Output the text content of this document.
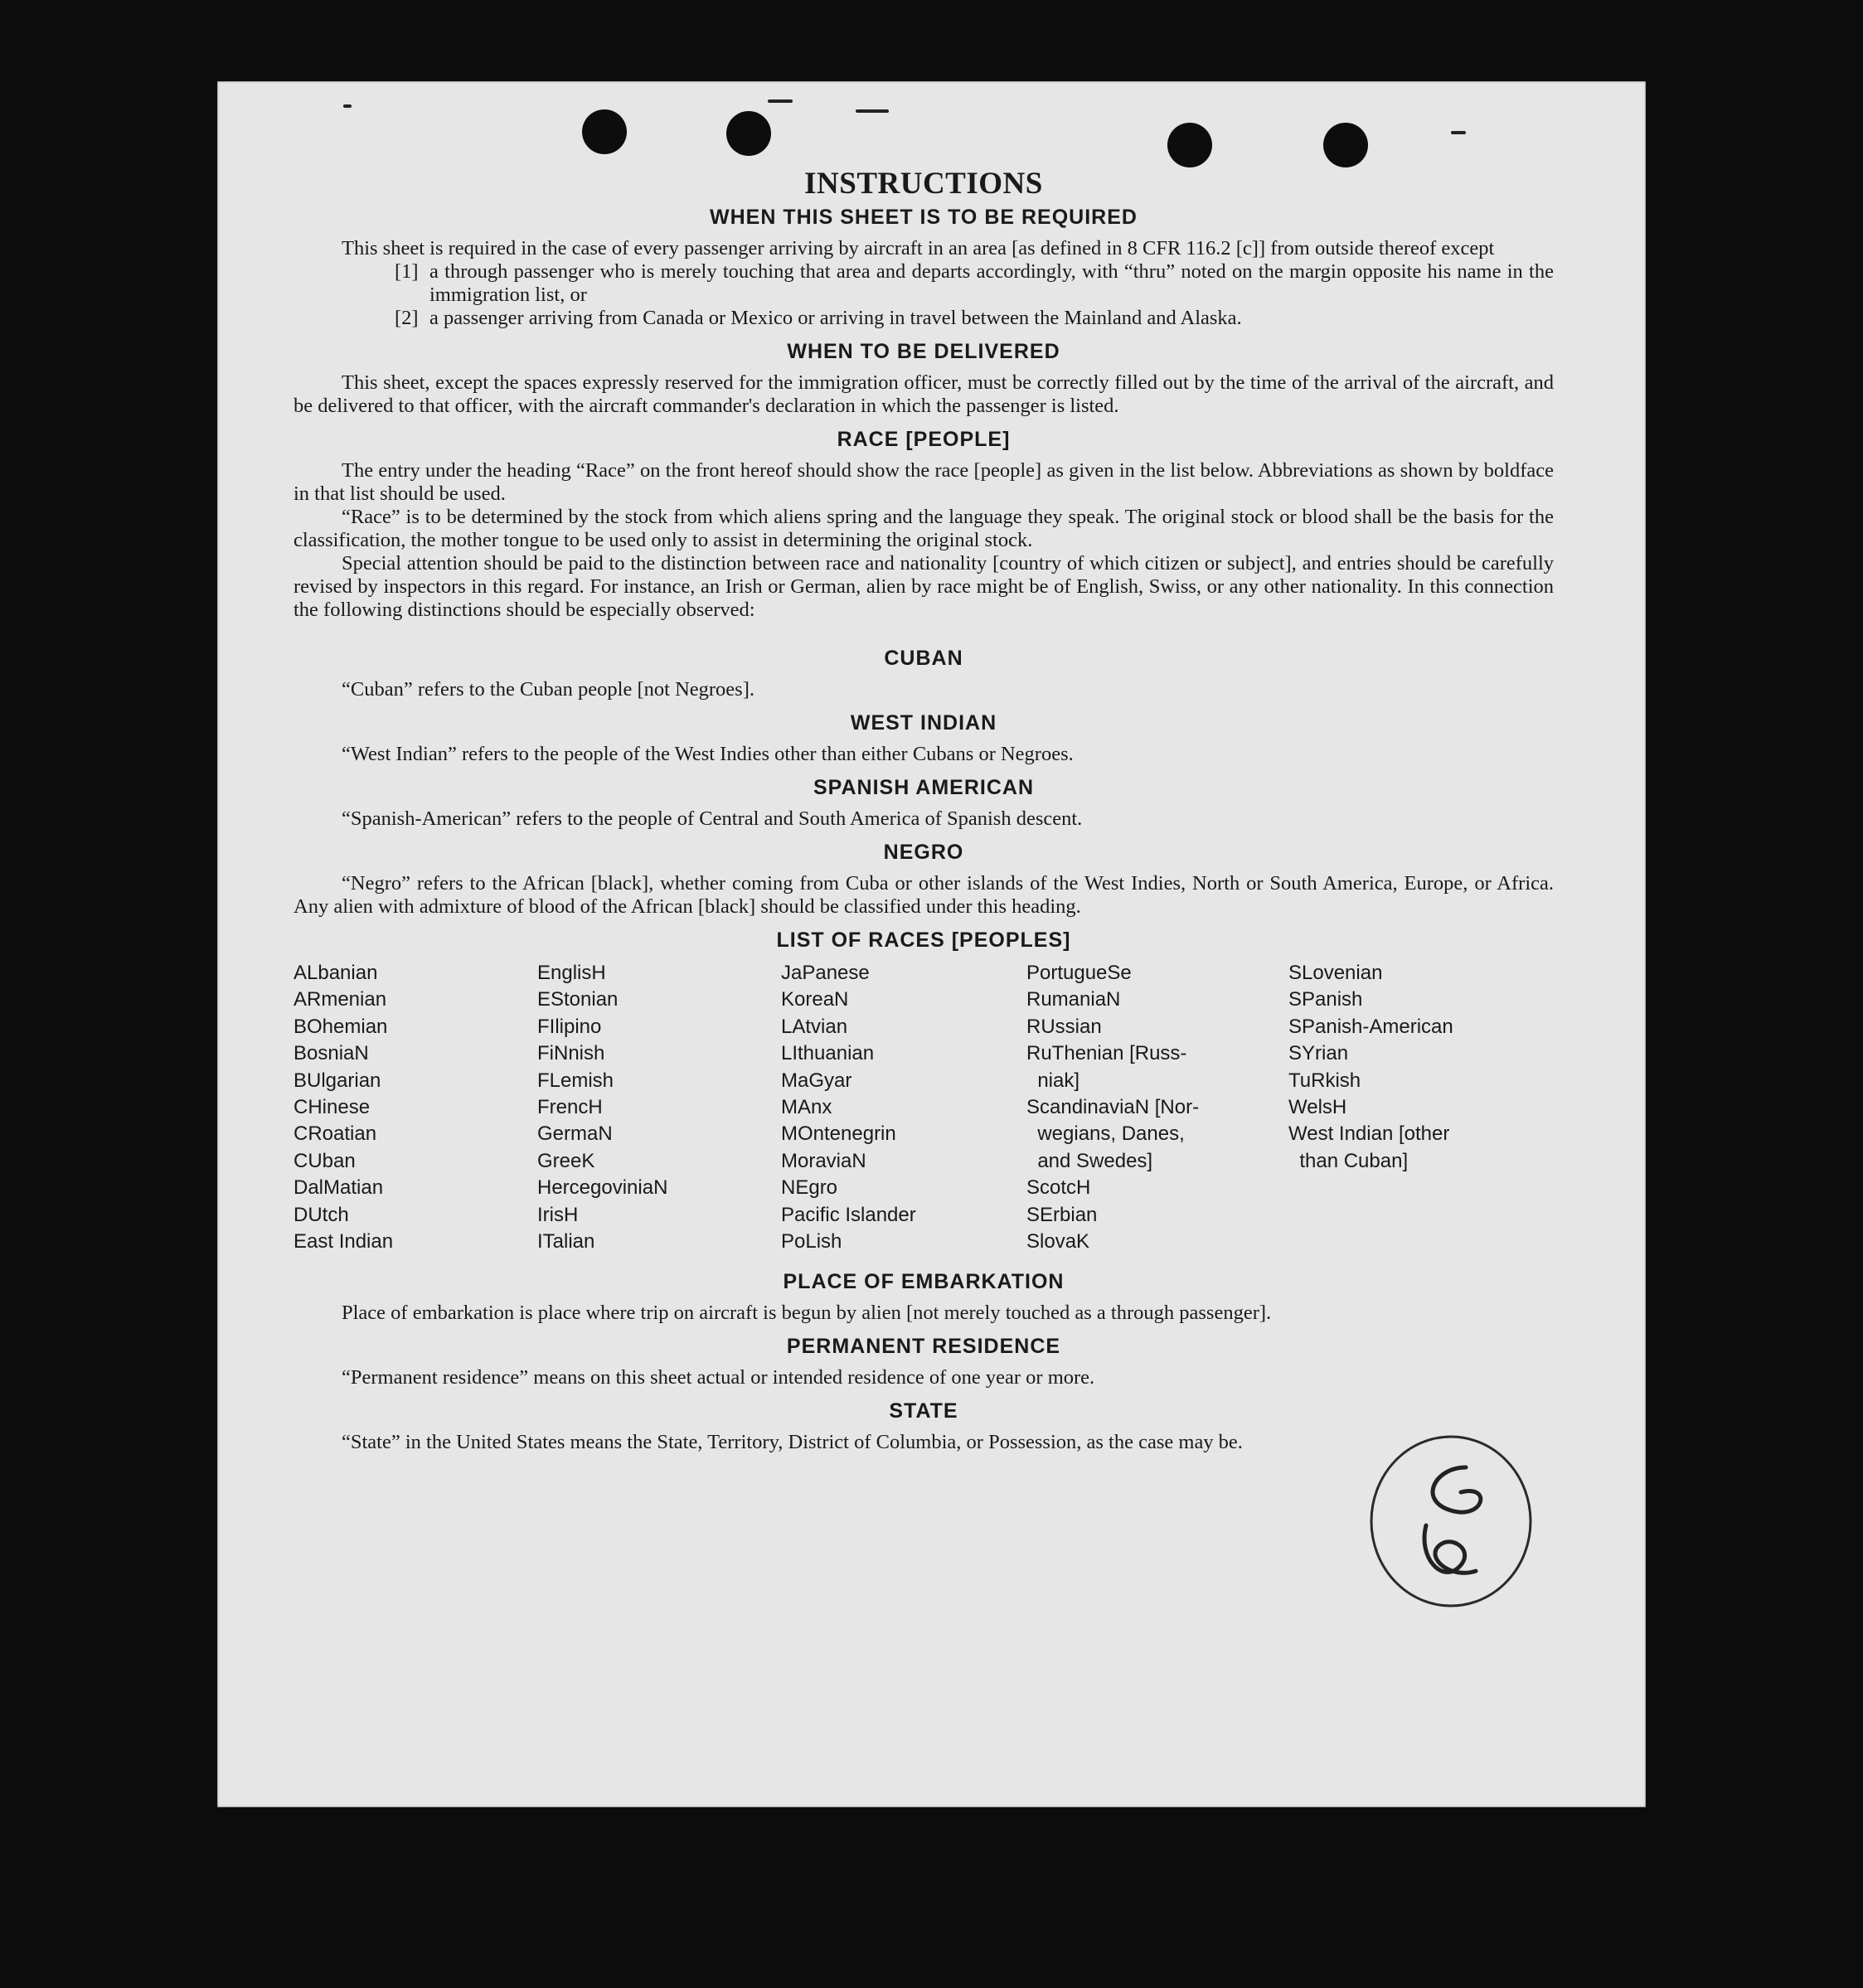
INSTRUCTIONS
WHEN THIS SHEET IS TO BE REQUIRED

This sheet is required in the case of every passenger arriving by aircraft in an area [as defined in 8 CFR 116.2 [c]] from outside thereof except

[1] a through passenger who is merely touching that area and departs accordingly, with “thru” noted on the margin opposite his name in the immigration list, or
[2] a passenger arriving from Canada or Mexico or arriving in travel between the Mainland and Alaska.
WHEN TO BE DELIVERED

This sheet, except the spaces expressly reserved for the immigration officer, must be correctly filled out by the time of the arrival of the aircraft, and be delivered to that officer, with the aircraft commander's declaration in which the passenger is listed.

RACE [PEOPLE]

The entry under the heading “Race” on the front hereof should show the race [people] as given in the list below. Abbreviations as shown by boldface in that list should be used.

“Race” is to be determined by the stock from which aliens spring and the language they speak. The original stock or blood shall be the basis for the classification, the mother tongue to be used only to assist in determining the original stock.

Special attention should be paid to the distinction between race and nationality [country of which citizen or subject], and entries should be carefully revised by inspectors in this regard. For instance, an Irish or German, alien by race might be of English, Swiss, or any other nationality. In this connection the following distinctions should be especially observed:

CUBAN

“Cuban” refers to the Cuban people [not Negroes].

WEST INDIAN

“West Indian” refers to the people of the West Indies other than either Cubans or Negroes.

SPANISH AMERICAN

“Spanish-American” refers to the people of Central and South America of Spanish descent.

NEGRO

“Negro” refers to the African [black], whether coming from Cuba or other islands of the West Indies, North or South America, Europe, or Africa. Any alien with admixture of blood of the African [black] should be classified under this heading.

LIST OF RACES [PEOPLES]
ALbanian
ARmenian
BOhemian
BosniaN
BUlgarian
CHinese
CRoatian
CUban
DalMatian
DUtch
East Indian
EnglisH
EStonian
FIlipino
FiNnish
FLemish
FrencH
GermaN
GreeK
HercegoviniaN
IrisH
ITalian
JaPanese
KoreaN
LAtvian
LIthuanian
MaGyar
MAnx
MOntenegrin
MoraviaN
NEgro
Pacific Islander
PoLish
PortugueSe
RumaniaN
RUssian
RuThenian [Russ-
niak]
ScandinaviaN [Nor-
wegians, Danes,
and Swedes]
ScotcH
SErbian
SlovaK
SLovenian
SPanish
SPanish-American
SYrian
TuRkish
WelsH
West Indian [other
than Cuban]
PLACE OF EMBARKATION

Place of embarkation is place where trip on aircraft is begun by alien [not merely touched as a through passenger].

PERMANENT RESIDENCE

“Permanent residence” means on this sheet actual or intended residence of one year or more.

STATE

“State” in the United States means the State, Territory, District of Columbia, or Possession, as the case may be.
